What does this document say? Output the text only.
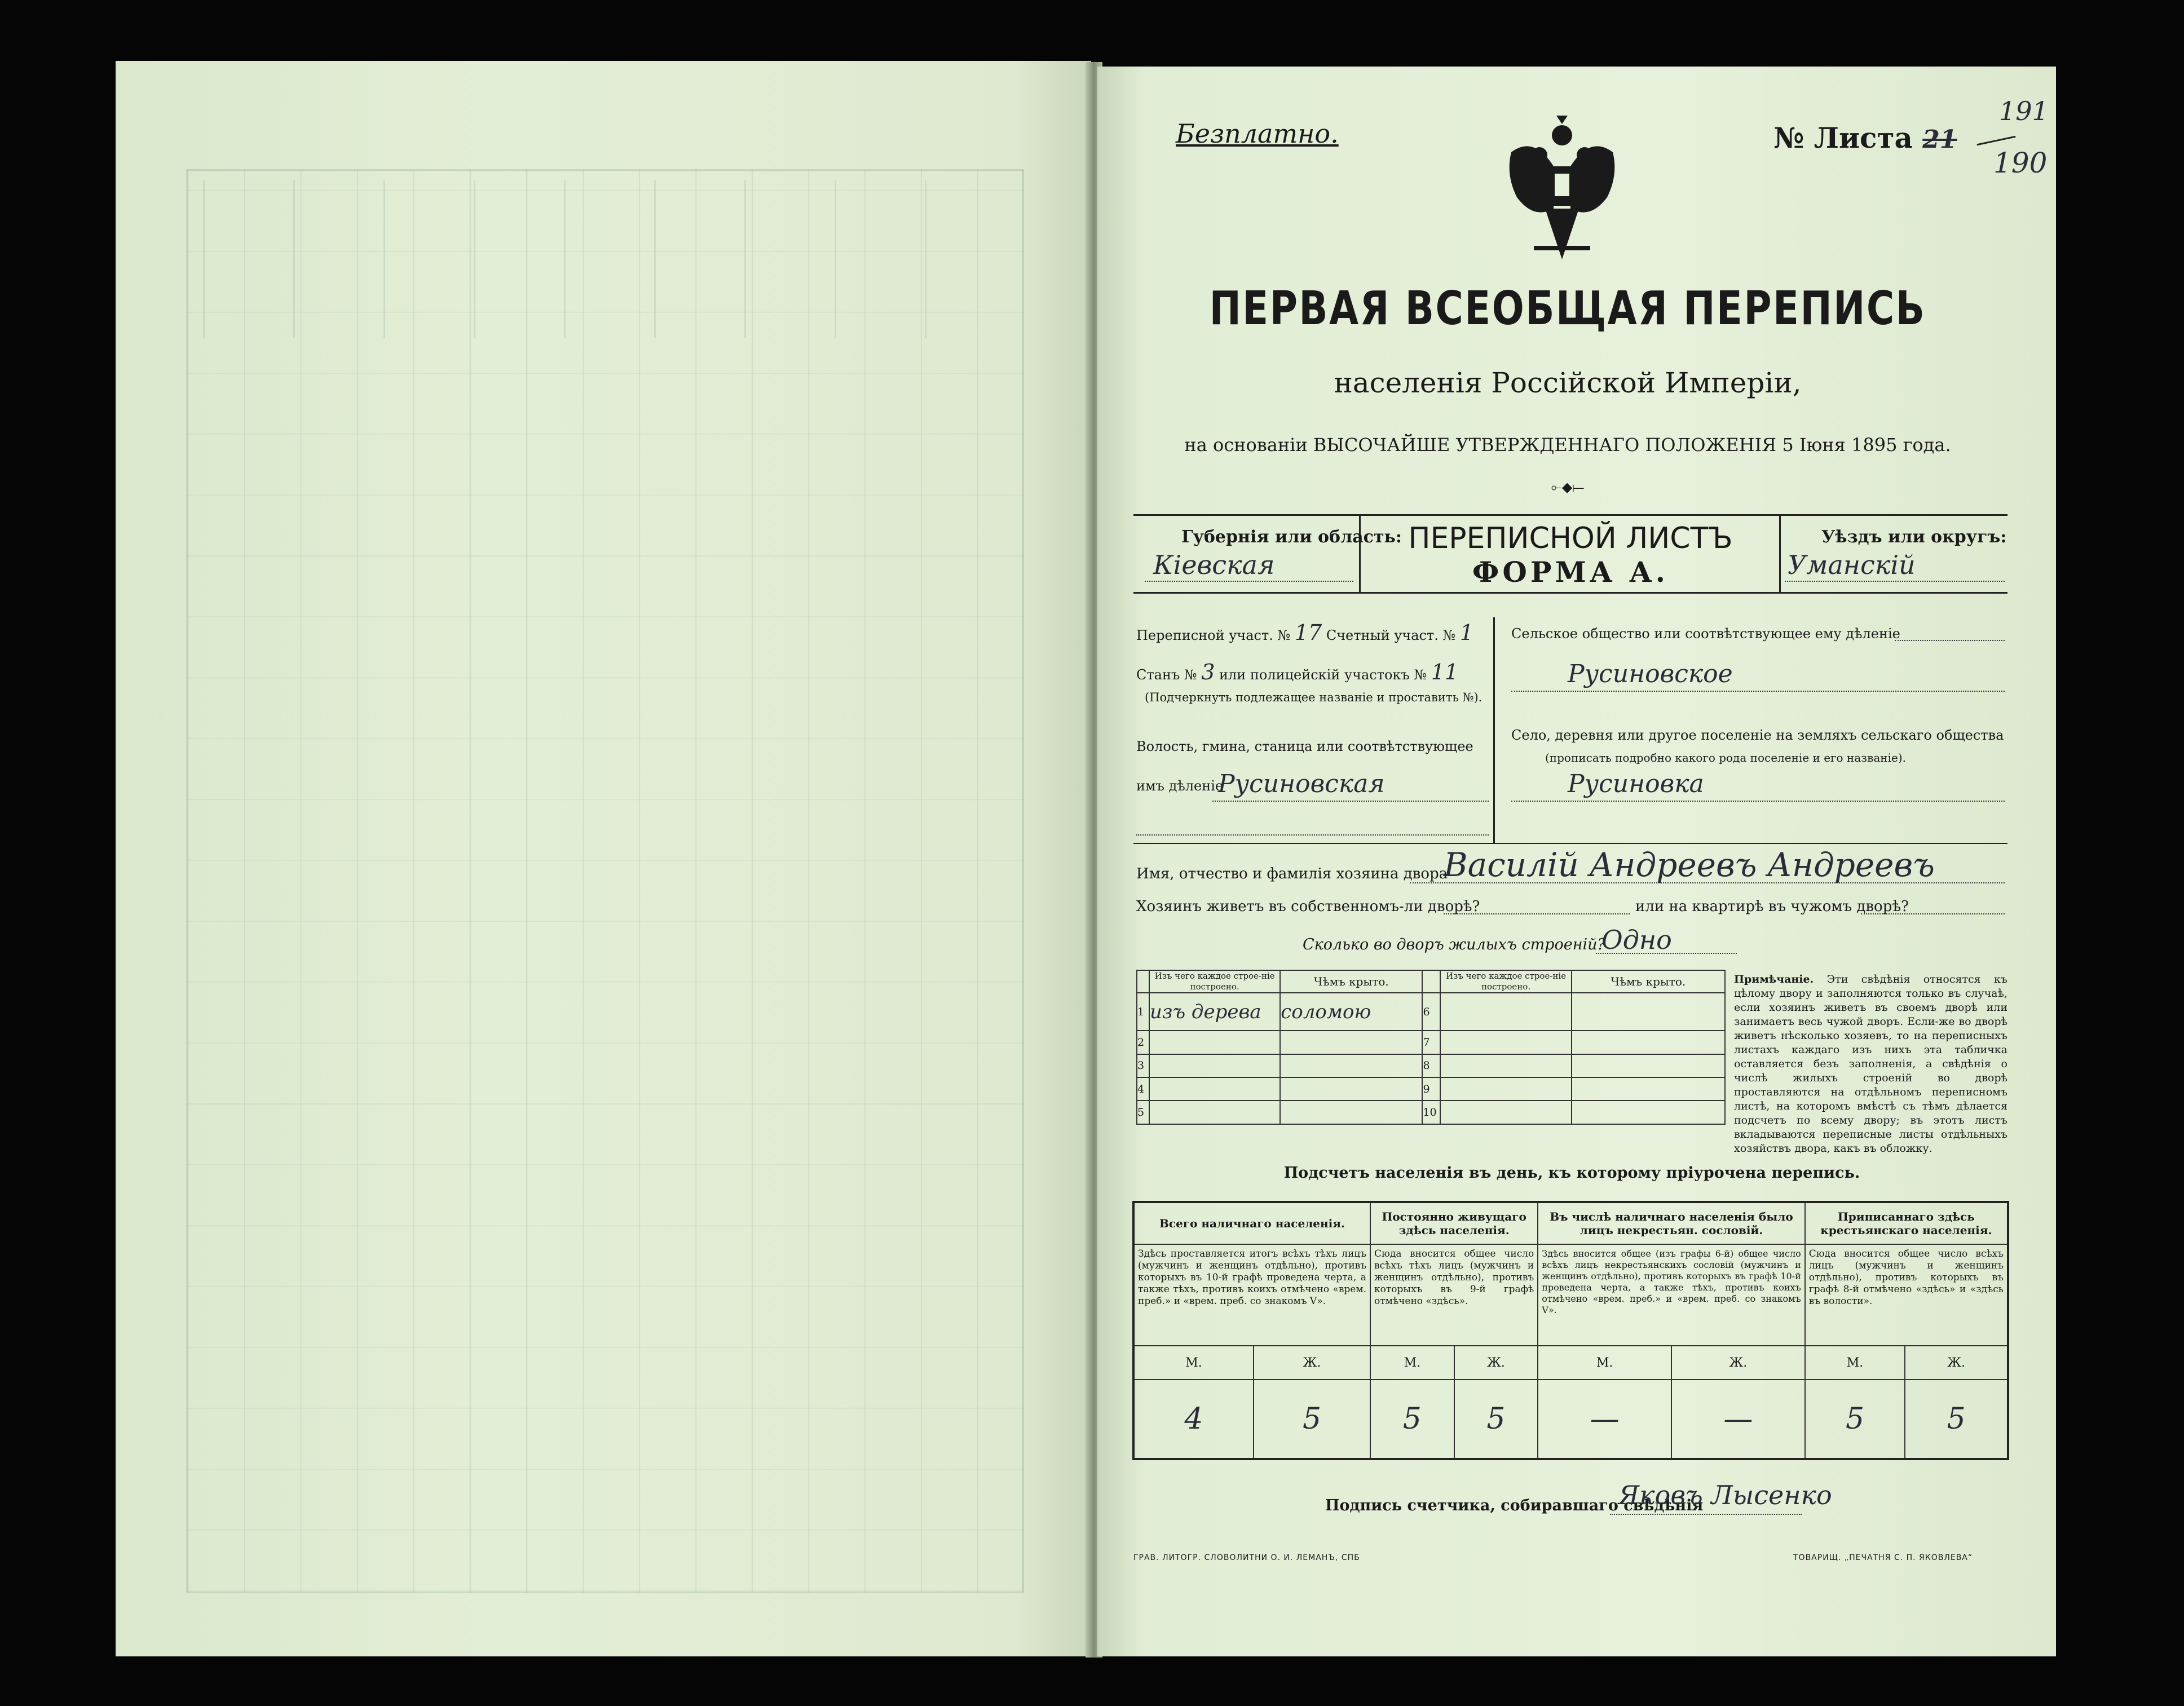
Безплатно.	№ Листа 21
191
190
ПЕРВАЯ ВСЕОБЩАЯ ПЕРЕПИСЬ
населенія Россійской Имперіи,
на основаніи ВЫСОЧАЙШЕ УТВЕРЖДЕННАГО ПОЛОЖЕНІЯ 5 Іюня 1895 года.
⟜◆⟝
Губернія или область:
Кіевская
ПЕРЕПИСНОЙ ЛИСТЪ
ФОРМА А.
Уѣздъ или округъ:
Уманскій
Переписной участ. № 17 Счетный участ. № 1
Станъ № 3 или полицейскій участокъ № 11
(Подчеркнуть подлежащее названіе и проставить №).
Волость, гмина, станица или соотвѣтствующее
имъ дѣленіе
Русиновская
Сельское общество или соотвѣтствующее ему дѣленіе
Русиновское
Село, деревня или другое поселеніе на земляхъ сельскаго общества
(прописать подробно какого рода поселеніе и его названіе).
Русиновка
Имя, отчество и фамилія хозяина двора
Василій Андреевъ Андреевъ
Хозяинъ живетъ въ собственномъ-ли дворѣ?	или на квартирѣ въ чужомъ дворѣ?
Сколько во дворъ жилыхъ строеній?
Одно
	Изъ чего каждое строе-ніе построено.	Чѣмъ крыто.		Изъ чего каждое строе-ніе построено.	Чѣмъ крыто.
1	изъ дерева	соломою	6		
2			7		
3			8		
4			9		
5			10		
Примѣчаніе. Эти свѣдѣнія относятся къ цѣлому двору и заполняются только въ случаѣ, если хозяинъ живетъ въ своемъ дворѣ или занимаетъ весь чужой дворъ. Если-же во дворѣ живетъ нѣсколько хозяевъ, то на переписныхъ листахъ каждаго изъ нихъ эта табличка оставляется безъ заполненія, а свѣдѣнія о числѣ жилыхъ строеній во дворѣ проставляются на отдѣльномъ переписномъ листѣ, на которомъ вмѣстѣ съ тѣмъ дѣлается подсчетъ по всему двору; въ этотъ листъ вкладываются переписные листы отдѣльныхъ хозяйствъ двора, какъ въ обложку.
Подсчетъ населенія въ день, къ которому пріурочена перепись.
Всего наличнаго населенія.		Постоянно живущаго здѣсь населенія.		Въ числѣ наличнаго населенія было лицъ некрестьян. сословій.		Приписаннаго здѣсь крестьянскаго населенія.	
Здѣсь проставляется итогъ всѣхъ тѣхъ лицъ (мужчинъ и женщинъ отдѣльно), противъ которыхъ въ 10-й графѣ проведена черта, а также тѣхъ, противъ коихъ отмѣчено «врем. преб.» и «врем. преб. со знакомъ V».		Сюда вносится общее число всѣхъ тѣхъ лицъ (мужчинъ и женщинъ отдѣльно), противъ которыхъ въ 9-й графѣ отмѣчено «здѣсь».		Здѣсь вносится общее (изъ графы 6-й) общее число всѣхъ лицъ некрестьянскихъ сословій (мужчинъ и женщинъ отдѣльно), противъ которыхъ въ графѣ 10-й проведена черта, а также тѣхъ, противъ коихъ отмѣчено «врем. преб.» и «врем. преб. со знакомъ V».		Сюда вносится общее число всѣхъ лицъ (мужчинъ и женщинъ отдѣльно), противъ которыхъ въ графѣ 8-й отмѣчено «здѣсь» и «здѣсь въ волости».	
М.	Ж.	М.	Ж.	М.	Ж.	М.	Ж.
4	5	5	5	—	—	5	5
Подпись счетчика, собиравшаго свѣдѣнія
Яковъ Лысенко
ГРАВ. ЛИТОГР. СЛОВОЛИТНИ О. И. ЛЕМАНЪ, СПБ	ТОВАРИЩ. „ПЕЧАТНЯ С. П. ЯКОВЛЕВА“
